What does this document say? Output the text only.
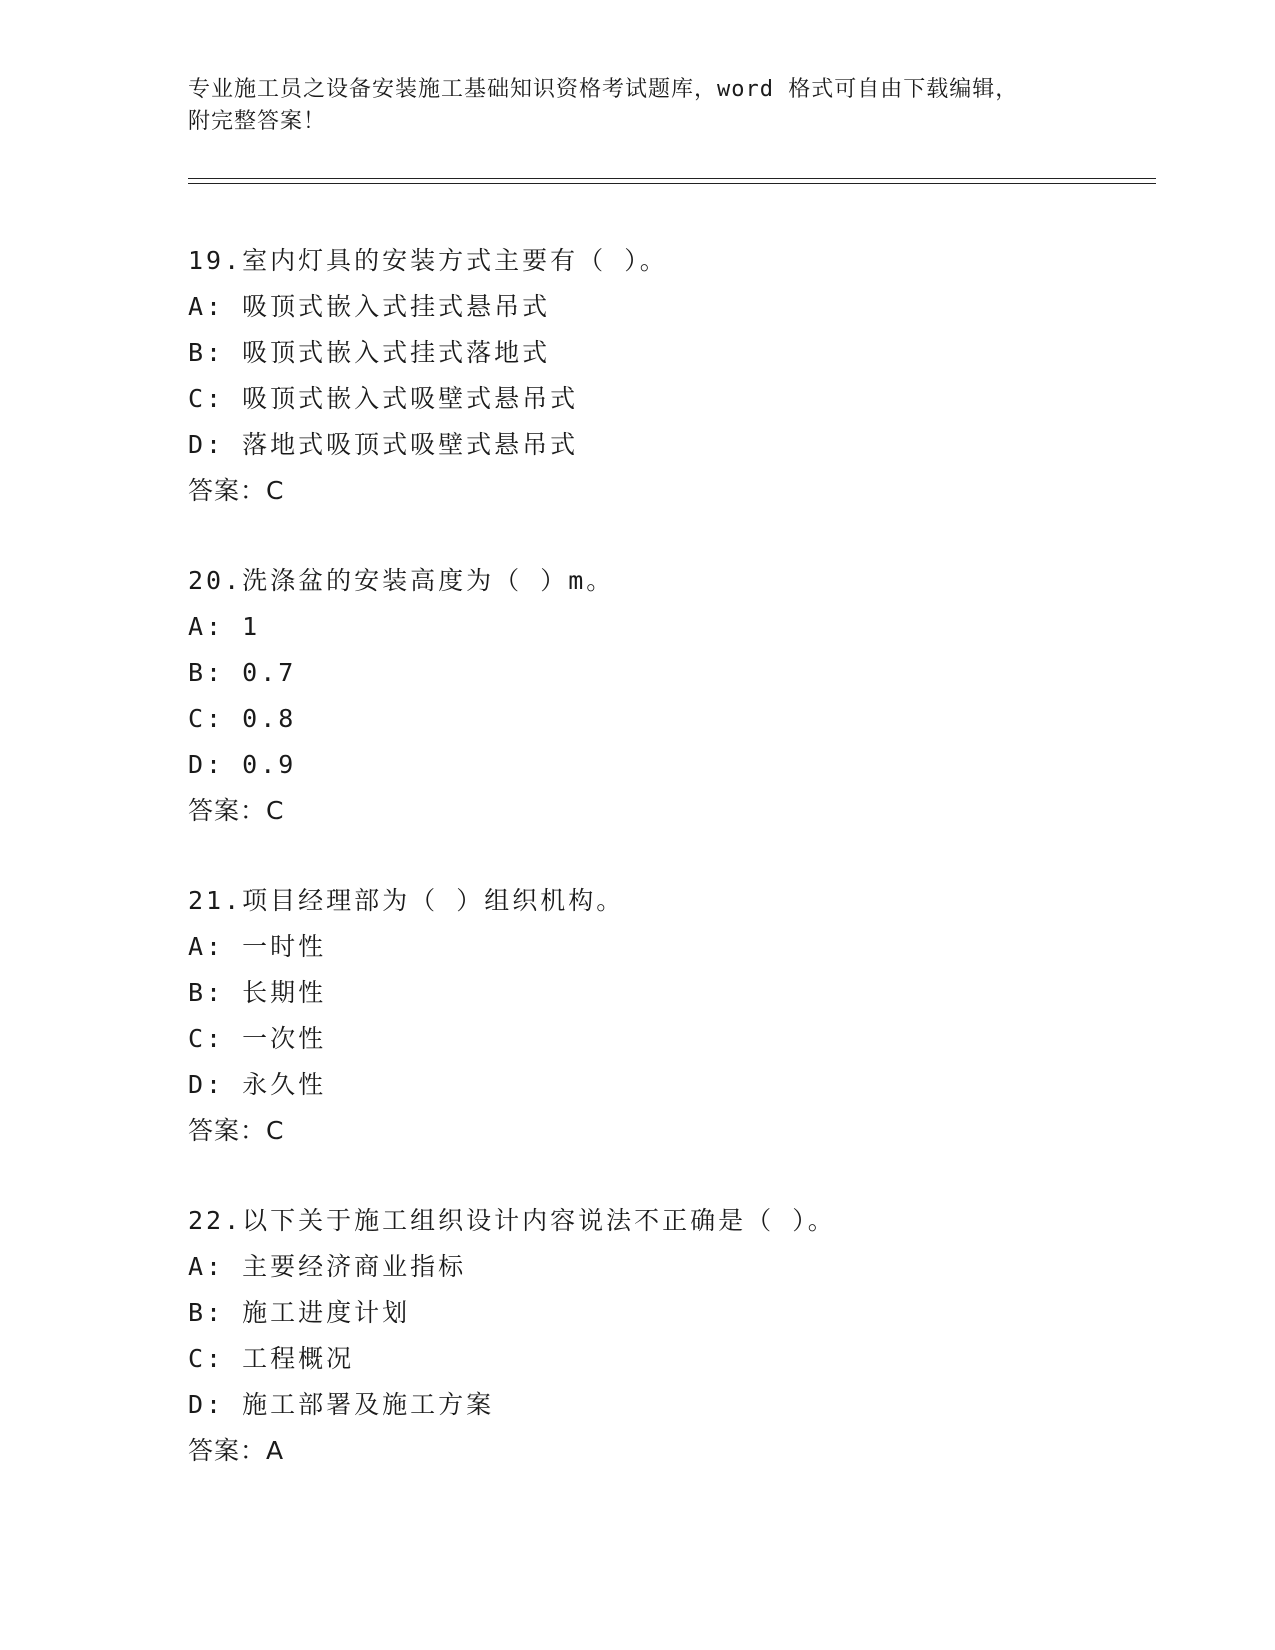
专业施工员之设备安装施工基础知识资格考试题库，word 格式可自由下载编辑，
附完整答案！
19.室内灯具的安装方式主要有（ ）。
A: 吸顶式嵌入式挂式悬吊式
B: 吸顶式嵌入式挂式落地式
C: 吸顶式嵌入式吸壁式悬吊式
D: 落地式吸顶式吸壁式悬吊式
答案：C
20.洗涤盆的安装高度为（ ）m。
A: 1
B: 0.7
C: 0.8
D: 0.9
答案：C
21.项目经理部为（ ）组织机构。
A: 一时性
B: 长期性
C: 一次性
D: 永久性
答案：C
22.以下关于施工组织设计内容说法不正确是（ ）。
A: 主要经济商业指标
B: 施工进度计划
C: 工程概况
D: 施工部署及施工方案
答案：A
